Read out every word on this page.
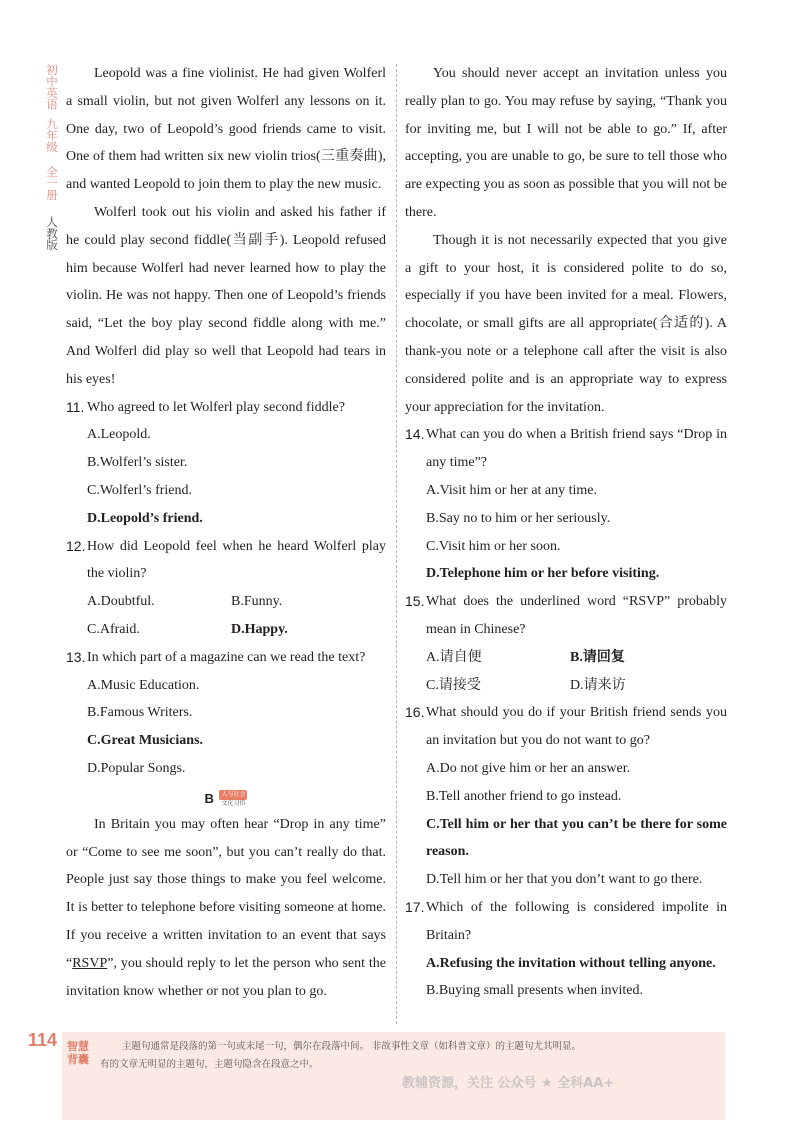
初中英语
九年级
全一册
人教版

Leopold was a fine violinist. He had given Wolferl a small violin, but not given Wolferl any lessons on it. One day, two of Leopold’s good friends came to visit. One of them had written six new violin trios(三重奏曲), and wanted Leopold to join them to play the new music.

Wolferl took out his violin and asked his father if he could play second fiddle(当副手). Leopold refused him because Wolferl had never learned how to play the violin. He was not happy. Then one of Leopold’s friends said, “Let the boy play second fiddle along with me.” And Wolferl did play so well that Leopold had tears in his eyes!

11. Who agreed to let Wolferl play second fiddle?

A.Leopold.

B.Wolferl’s sister.

C.Wolferl’s friend.

D.Leopold’s friend.

12. How did Leopold feel when he heard Wolferl play the violin?
A.Doubtful.	B.Funny.
C.Afraid.	D.Happy.
13. In which part of a magazine can we read the text?

A.Music Education.

B.Famous Writers.

C.Great Musicians.

D.Popular Songs.

B	人与社会
文化习俗

In Britain you may often hear “Drop in any time” or “Come to see me soon”, but you can’t really do that. People just say those things to make you feel welcome. It is better to telephone before visiting someone at home. If you receive a written invitation to an event that says “RSVP”, you should reply to let the person who sent the invitation know whether or not you plan to go.

You should never accept an invitation unless you really plan to go. You may refuse by saying, “Thank you for inviting me, but I will not be able to go.” If, after accepting, you are unable to go, be sure to tell those who are expecting you as soon as possible that you will not be there.

Though it is not necessarily expected that you give a gift to your host, it is considered polite to do so, especially if you have been invited for a meal. Flowers, chocolate, or small gifts are all appropriate(合适的). A thank-you note or a telephone call after the visit is also considered polite and is an appropriate way to express your appreciation for the invitation.

14. What can you do when a British friend says “Drop in any time”?

A.Visit him or her at any time.

B.Say no to him or her seriously.

C.Visit him or her soon.

D.Telephone him or her before visiting.

15. What does the underlined word “RSVP” probably mean in Chinese?
A.请自便	B.请回复
C.请接受	D.请来访
16. What should you do if your British friend sends you an invitation but you do not want to go?

A.Do not give him or her an answer.

B.Tell another friend to go instead.

C.Tell him or her that you can’t be there for some reason.

D.Tell him or her that you don’t want to go there.

17. Which of the following is considered impolite in Britain?

A.Refusing the invitation without telling anyone.

B.Buying small presents when invited.

114 智慧背囊
主题句通常是段落的第一句或末尾一句，偶尔在段落中间。 非故事性文章（如科普文章）的主题句尤其明显。
有的文章无明显的主题句，主题句隐含在段意之中。
教辅资源，关注 公众号 ★ 全科AA+
